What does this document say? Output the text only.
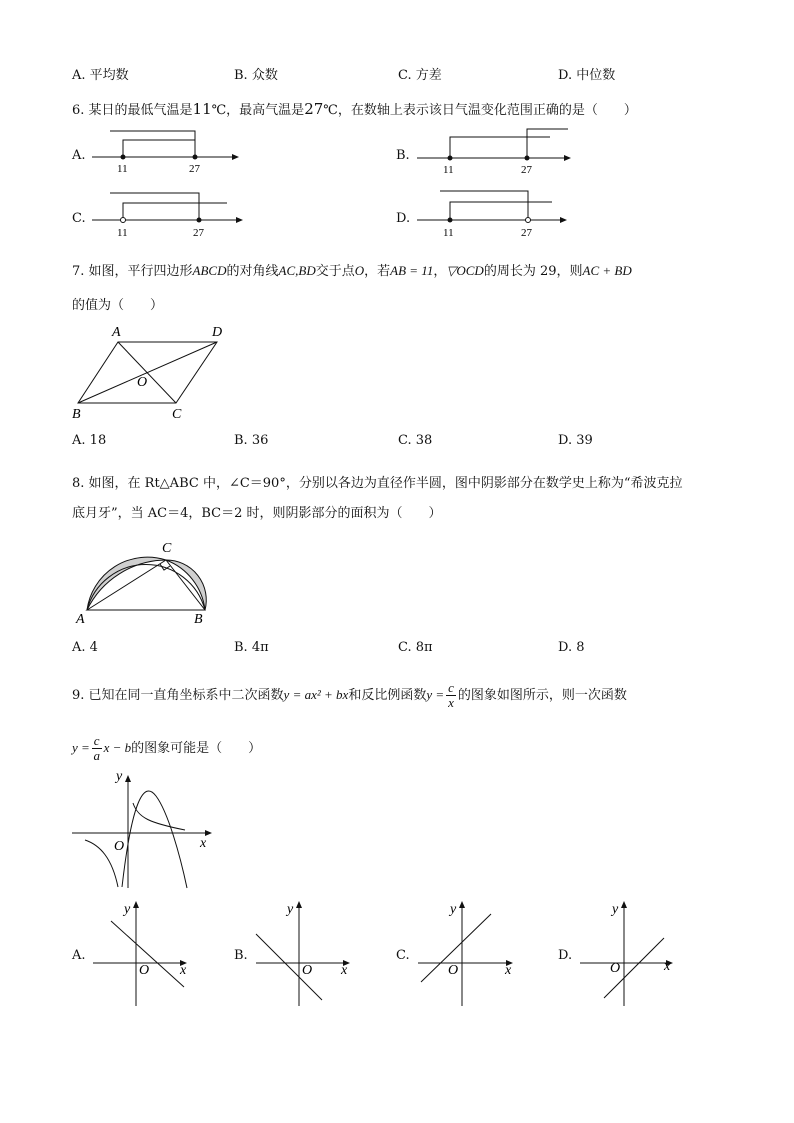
A. 平均数	B. 众数	C. 方差	D. 中位数
6. 某日的最低气温是11℃，最高气温是27℃，在数轴上表示该日气温变化范围正确的是（　　）
A.
11	27
B.
11	27
C.
11	27
D.
11	27
7. 如图，平行四边形ABCD的对角线AC,BD交于点O，若AB = 11，▽OCD的周长为 29，则AC + BD
的值为（　　）
A	D
B	C
O
A. 18	B. 36	C. 38	D. 39
8. 如图，在 Rt△ABC 中，∠C＝90°，分别以各边为直径作半圆，图中阴影部分在数学史上称为“希波克拉
底月牙”，当 AC＝4，BC＝2 时，则阴影部分的面积为（　　）
A	B
C
A. 4	B. 4π	C. 8π	D. 8
9. 已知在同一直角坐标系中二次函数y = ax² + bx和反比例函数$y = \frac{c}{x}$ 的图象如图所示，则一次函数
$y = \frac{c}{a}$ x − b的图象可能是（　　）
y
x
O
A.
y
x
O
B.
y
x
O
C.
y
x
O
D.
y
x
O
